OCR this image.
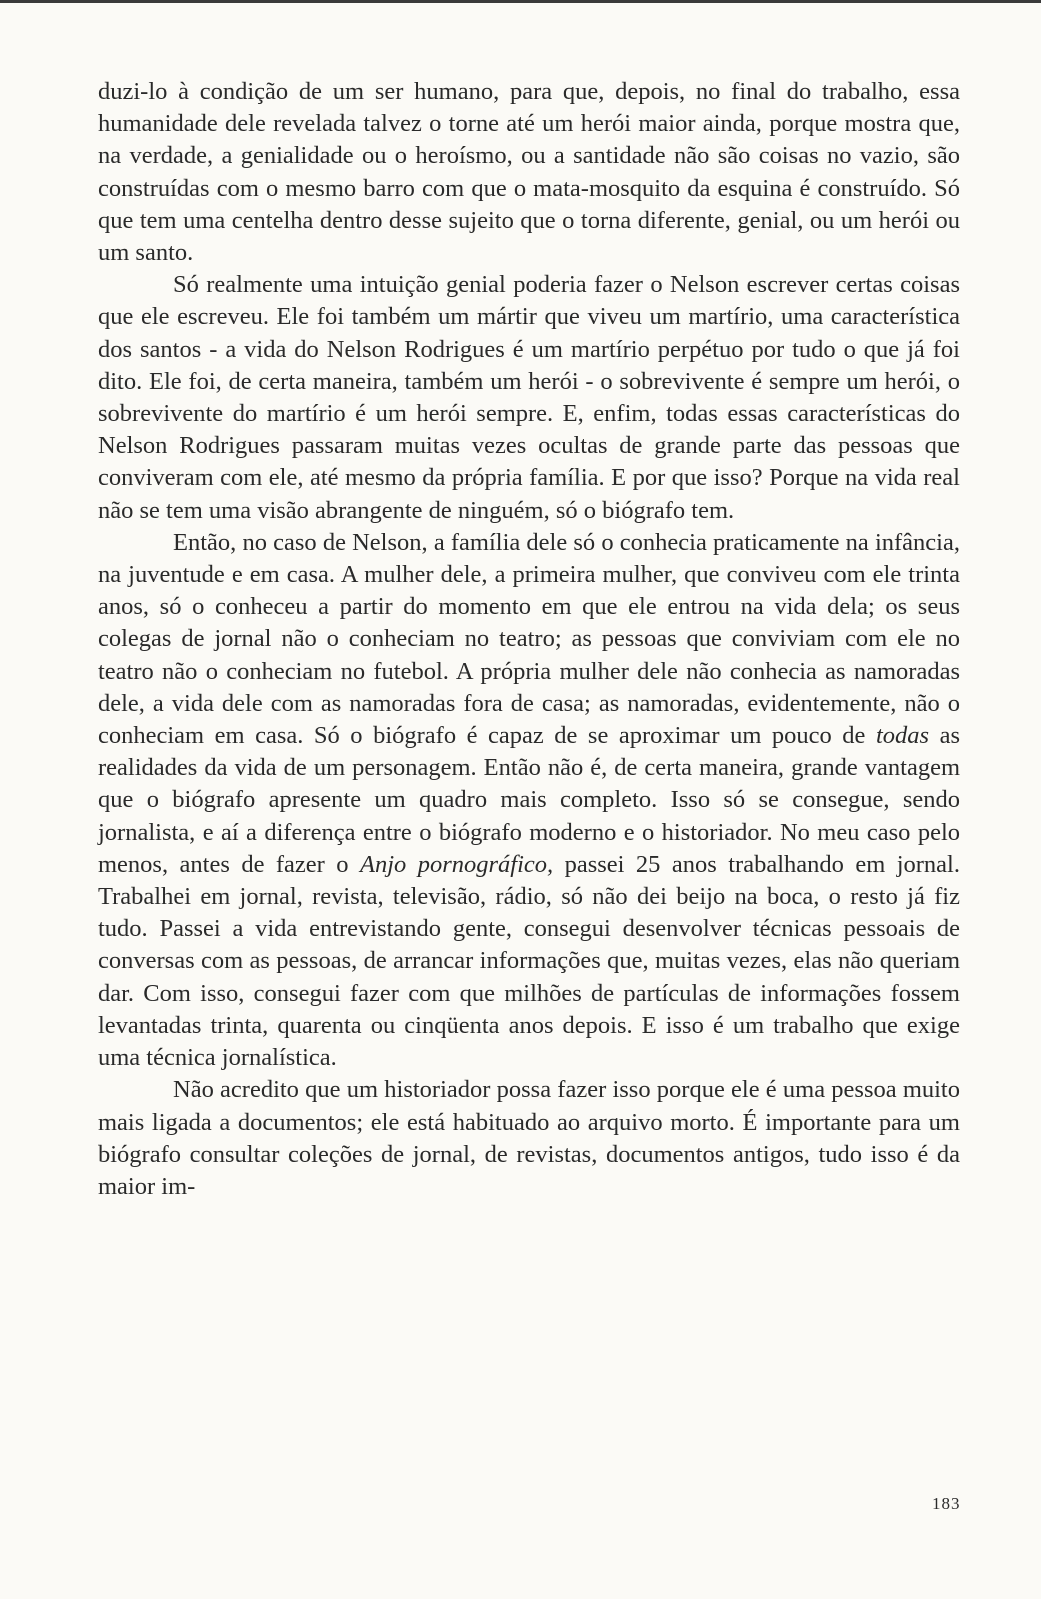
duzi-lo à condição de um ser humano, para que, depois, no final do trabalho, essa humanidade dele revelada talvez o torne até um herói maior ainda, porque mostra que, na verdade, a genialidade ou o heroísmo, ou a santidade não são coisas no vazio, são construídas com o mesmo barro com que o mata-mosquito da esquina é construído. Só que tem uma centelha dentro desse sujeito que o torna diferente, genial, ou um herói ou um santo.

Só realmente uma intuição genial poderia fazer o Nelson escrever certas coisas que ele escreveu. Ele foi também um mártir que viveu um martírio, uma característica dos santos - a vida do Nelson Rodrigues é um martírio perpétuo por tudo o que já foi dito. Ele foi, de certa maneira, também um herói - o sobrevivente é sempre um herói, o sobrevivente do martírio é um herói sempre. E, enfim, todas essas características do Nelson Rodrigues passaram muitas vezes ocultas de grande parte das pessoas que conviveram com ele, até mesmo da própria família. E por que isso? Porque na vida real não se tem uma visão abrangente de ninguém, só o biógrafo tem.

Então, no caso de Nelson, a família dele só o conhecia praticamente na infância, na juventude e em casa. A mulher dele, a primeira mulher, que conviveu com ele trinta anos, só o conheceu a partir do momento em que ele entrou na vida dela; os seus colegas de jornal não o conheciam no teatro; as pessoas que conviviam com ele no teatro não o conheciam no futebol. A própria mulher dele não conhecia as namoradas dele, a vida dele com as namoradas fora de casa; as namoradas, evidentemente, não o conheciam em casa. Só o biógrafo é capaz de se aproximar um pouco de todas as realidades da vida de um personagem. Então não é, de certa maneira, grande vantagem que o biógrafo apresente um quadro mais completo. Isso só se consegue, sendo jornalista, e aí a diferença entre o biógrafo moderno e o historiador. No meu caso pelo menos, antes de fazer o Anjo pornográfico, passei 25 anos trabalhando em jornal. Trabalhei em jornal, revista, televisão, rádio, só não dei beijo na boca, o resto já fiz tudo. Passei a vida entrevistando gente, consegui desenvolver técnicas pessoais de conversas com as pessoas, de arrancar informações que, muitas vezes, elas não queriam dar. Com isso, consegui fazer com que milhões de partículas de informações fossem levantadas trinta, quarenta ou cinqüenta anos depois. E isso é um trabalho que exige uma técnica jornalística.

Não acredito que um historiador possa fazer isso porque ele é uma pessoa muito mais ligada a documentos; ele está habituado ao arquivo morto. É importante para um biógrafo consultar coleções de jornal, de revistas, documentos antigos, tudo isso é da maior im-

183
